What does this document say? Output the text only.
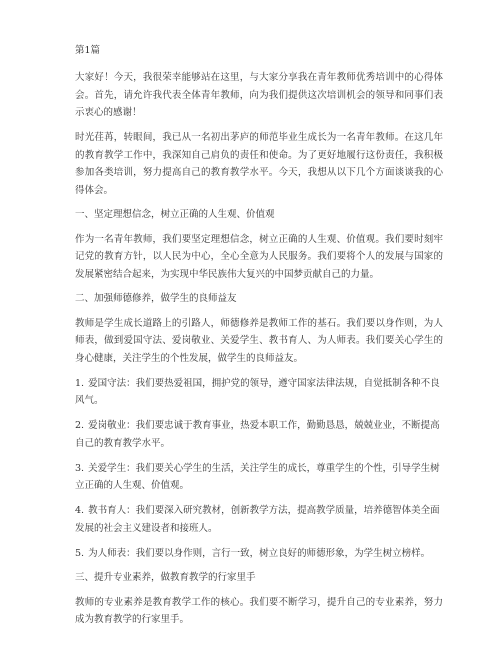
第1篇

大家好！今天，我很荣幸能够站在这里，与大家分享我在青年教师优秀培训中的心得体会。首先，请允许我代表全体青年教师，向为我们提供这次培训机会的领导和同事们表示衷心的感谢！

时光荏苒，转眼间，我已从一名初出茅庐的师范毕业生成长为一名青年教师。在这几年的教育教学工作中，我深知自己肩负的责任和使命。为了更好地履行这份责任，我积极参加各类培训，努力提高自己的教育教学水平。今天，我想从以下几个方面谈谈我的心得体会。

一、坚定理想信念，树立正确的人生观、价值观

作为一名青年教师，我们要坚定理想信念，树立正确的人生观、价值观。我们要时刻牢记党的教育方针，以人民为中心，全心全意为人民服务。我们要将个人的发展与国家的发展紧密结合起来，为实现中华民族伟大复兴的中国梦贡献自己的力量。

二、加强师德修养，做学生的良师益友

教师是学生成长道路上的引路人，师德修养是教师工作的基石。我们要以身作则，为人师表，做到爱国守法、爱岗敬业、关爱学生、教书育人、为人师表。我们要关心学生的身心健康，关注学生的个性发展，做学生的良师益友。

1. 爱国守法：我们要热爱祖国，拥护党的领导，遵守国家法律法规，自觉抵制各种不良风气。
2. 爱岗敬业：我们要忠诚于教育事业，热爱本职工作，勤勤恳恳，兢兢业业，不断提高自己的教育教学水平。
3. 关爱学生：我们要关心学生的生活，关注学生的成长，尊重学生的个性，引导学生树立正确的人生观、价值观。
4. 教书育人：我们要深入研究教材，创新教学方法，提高教学质量，培养德智体美全面发展的社会主义建设者和接班人。
5. 为人师表：我们要以身作则，言行一致，树立良好的师德形象，为学生树立榜样。
三、提升专业素养，做教育教学的行家里手

教师的专业素养是教育教学工作的核心。我们要不断学习，提升自己的专业素养，努力成为教育教学的行家里手。
